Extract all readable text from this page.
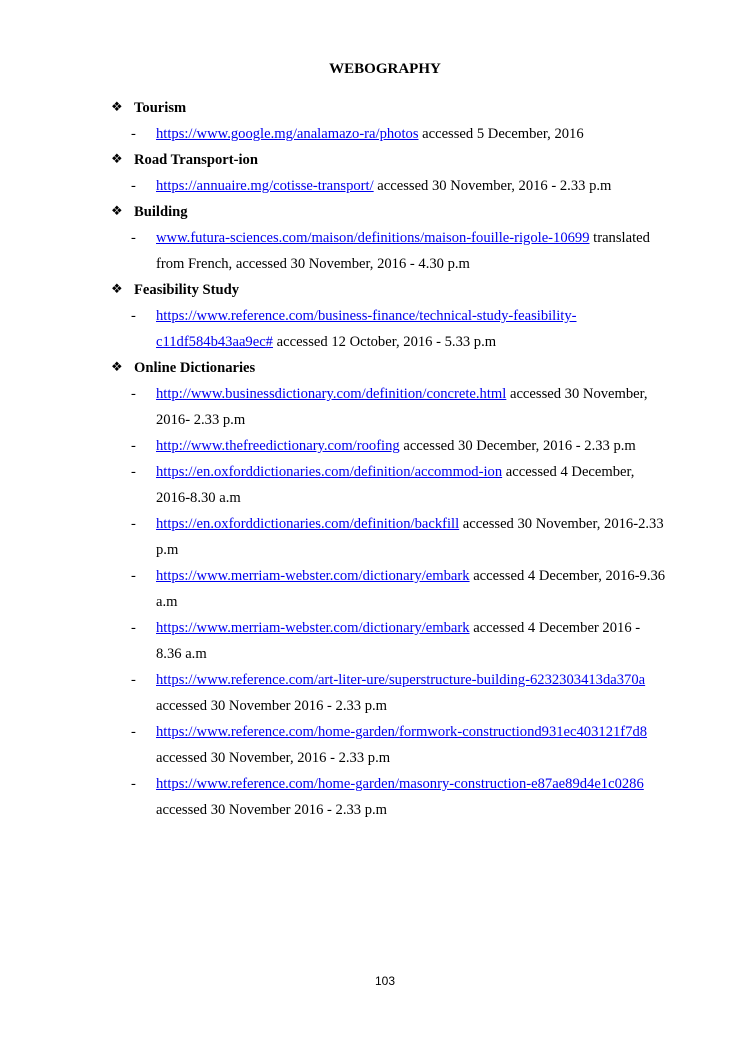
WEBOGRAPHY
❖ Tourism
- https://www.google.mg/analamazo-ra/photos accessed 5 December, 2016
❖ Road Transport-ion
- https://annuaire.mg/cotisse-transport/ accessed 30 November, 2016 - 2.33 p.m
❖ Building
- www.futura-sciences.com/maison/definitions/maison-fouille-rigole-10699 translated
from French, accessed 30 November, 2016 - 4.30 p.m
❖ Feasibility Study
- https://www.reference.com/business-finance/technical-study-feasibility-
c11df584b43aa9ec# accessed 12 October, 2016 - 5.33 p.m
❖ Online Dictionaries
- http://www.businessdictionary.com/definition/concrete.html accessed 30 November,
2016- 2.33 p.m
- http://www.thefreedictionary.com/roofing accessed 30 December, 2016 - 2.33 p.m
- https://en.oxforddictionaries.com/definition/accommod-ion accessed 4 December,
2016-8.30 a.m
- https://en.oxforddictionaries.com/definition/backfill accessed 30 November, 2016-2.33
p.m
- https://www.merriam-webster.com/dictionary/embark accessed 4 December, 2016-9.36
a.m
- https://www.merriam-webster.com/dictionary/embark accessed 4 December 2016 -
8.36 a.m
- https://www.reference.com/art-liter-ure/superstructure-building-6232303413da370a
accessed 30 November 2016 - 2.33 p.m
- https://www.reference.com/home-garden/formwork-constructiond931ec403121f7d8
accessed 30 November, 2016 - 2.33 p.m
- https://www.reference.com/home-garden/masonry-construction-e87ae89d4e1c0286
accessed 30 November 2016 - 2.33 p.m
103
